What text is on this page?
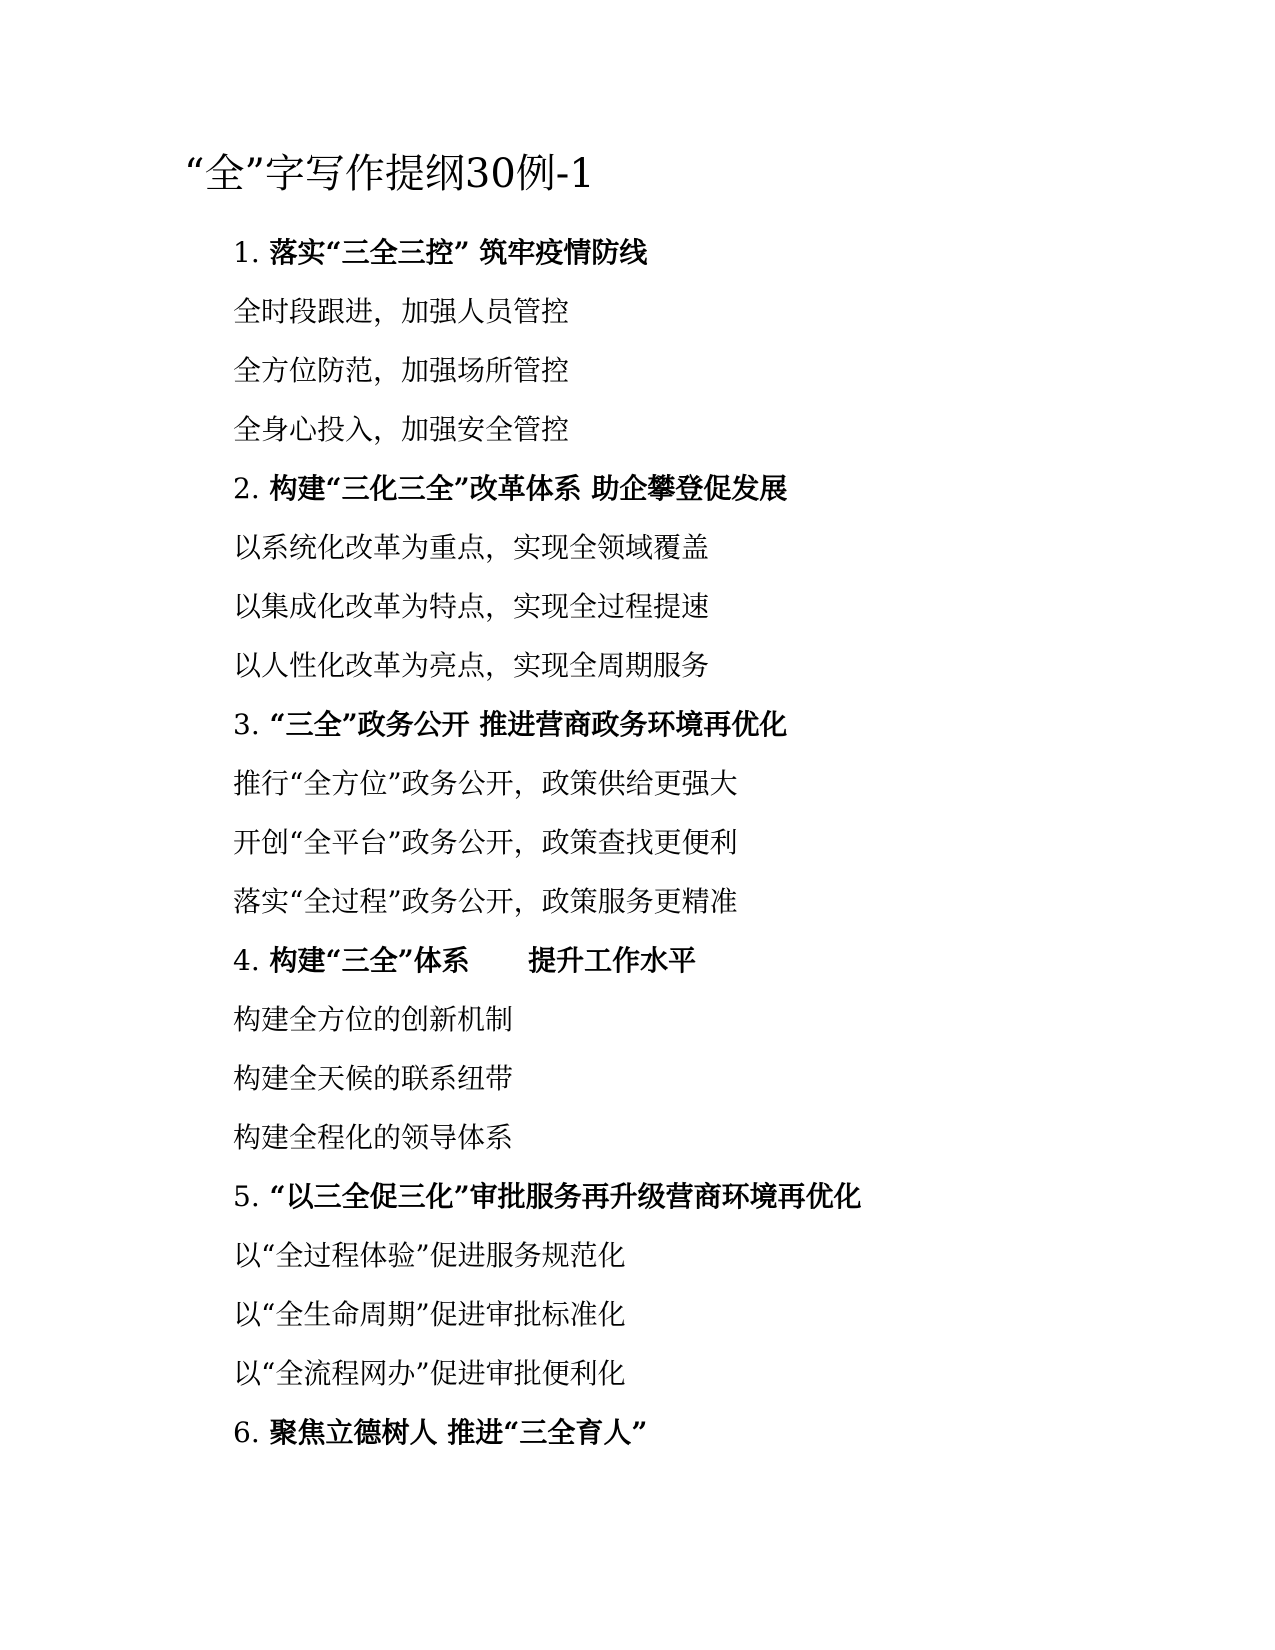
“全”字写作提纲30例-1
1. 落实“三全三控” 筑牢疫情防线
全时段跟进，加强人员管控
全方位防范，加强场所管控
全身心投入，加强安全管控
2. 构建“三化三全”改革体系 助企攀登促发展
以系统化改革为重点，实现全领域覆盖
以集成化改革为特点，实现全过程提速
以人性化改革为亮点，实现全周期服务
3. “三全”政务公开 推进营商政务环境再优化
推行“全方位”政务公开，政策供给更强大
开创“全平台”政务公开，政策查找更便利
落实“全过程”政务公开，政策服务更精准
4. 构建“三全”体系      提升工作水平
构建全方位的创新机制
构建全天候的联系纽带
构建全程化的领导体系
5. “以三全促三化”审批服务再升级营商环境再优化
以“全过程体验”促进服务规范化
以“全生命周期”促进审批标准化
以“全流程网办”促进审批便利化
6. 聚焦立德树人 推进“三全育人”
